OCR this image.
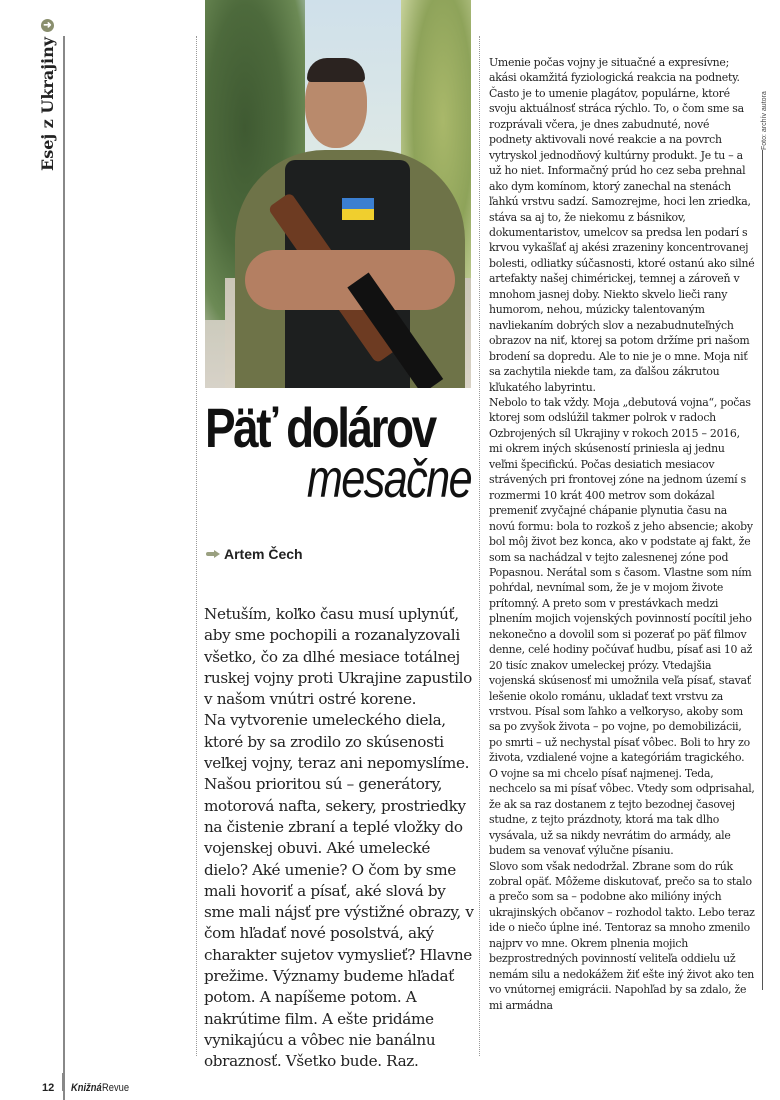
Esej z Ukrajiny
➜
Päť dolárov
mesačne
Artem Čech

Netuším, koľko času musí uplynúť, aby sme pochopili a rozanalyzovali všetko, čo za dlhé mesiace totálnej ruskej vojny proti Ukrajine zapustilo v našom vnútri ostré korene.

Na vytvorenie umeleckého diela, ktoré by sa zrodilo zo skúsenosti veľkej vojny, teraz ani nepomyslíme. Našou prioritou sú – generátory, motorová nafta, sekery, prostriedky na čistenie zbraní a teplé vložky do vojenskej obuvi. Aké umelecké dielo? Aké umenie? O čom by sme mali hovoriť a písať, aké slová by sme mali nájsť pre výstižné obrazy, v čom hľadať nové posolstvá, aký charakter sujetov vymyslieť? Hlavne prežime. Významy budeme hľadať potom. A napíšeme potom. A nakrútime film. A ešte pridáme vynikajúcu a vôbec nie banálnu obraznosť. Všetko bude. Raz.

Umenie počas vojny je situačné a expresívne; akási okamžitá fyziologická reakcia na podnety. Často je to umenie plagátov, populárne, ktoré svoju aktuálnosť stráca rýchlo. To, o čom sme sa rozprávali včera, je dnes zabudnuté, nové podnety aktivovali nové reakcie a na povrch vytryskol jednodňový kultúrny produkt. Je tu – a už ho niet. Informačný prúd ho cez seba prehnal ako dym komínom, ktorý zanechal na stenách ľahkú vrstvu sadzí. Samozrejme, hoci len zriedka, stáva sa aj to, že niekomu z básnikov, dokumentaristov, umelcov sa predsa len podarí s krvou vykašľať aj akési zrazeniny koncentrovanej bolesti, odliatky súčasnosti, ktoré ostanú ako silné artefakty našej chimérickej, temnej a zároveň v mnohom jasnej doby. Niekto skvelo lieči rany humorom, nehou, múzicky talentovaným navliekaním dobrých slov a nezabudnuteľných obrazov na niť, ktorej sa potom držíme pri našom brodení sa dopredu. Ale to nie je o mne. Moja niť sa zachytila niekde tam, za ďalšou zákrutou kľukatého labyrintu.

Nebolo to tak vždy. Moja „debutová vojna“, počas ktorej som odslúžil takmer polrok v radoch Ozbrojených síl Ukrajiny v rokoch 2015 – 2016, mi okrem iných skúseností priniesla aj jednu veľmi špecifickú. Počas desiatich mesiacov strávených pri frontovej zóne na jednom území s rozmermi 10 krát 400 metrov som dokázal premeniť zvyčajné chápanie plynutia času na novú formu: bola to rozkoš z jeho absencie; akoby bol môj život bez konca, ako v podstate aj fakt, že som sa nachádzal v tejto zalesnenej zóne pod Popasnou. Nerátal som s časom. Vlastne som ním pohŕdal, nevnímal som, že je v mojom živote prítomný. A preto som v prestávkach medzi plnením mojich vojenských povinností pocítil jeho nekonečno a dovolil som si pozerať po päť filmov denne, celé hodiny počúvať hudbu, písať asi 10 až 20 tisíc znakov umeleckej prózy. Vtedajšia vojenská skúsenosť mi umožnila veľa písať, stavať lešenie okolo románu, ukladať text vrstvu za vrstvou. Písal som ľahko a veľkoryso, akoby som sa po zvyšok života – po vojne, po demobilizácii, po smrti – už nechystal písať vôbec. Boli to hry zo života, vzdialené vojne a kategóriám tragického. O vojne sa mi chcelo písať najmenej. Teda, nechcelo sa mi písať vôbec. Vtedy som odprisahal, že ak sa raz dostanem z tejto bezodnej časovej studne, z tejto prázdnoty, ktorá ma tak dlho vysávala, už sa nikdy nevrátim do armády, ale budem sa venovať výlučne písaniu.

Slovo som však nedodržal. Zbrane som do rúk zobral opäť. Môžeme diskutovať, prečo sa to stalo a prečo som sa – podobne ako milióny iných ukrajinských občanov – rozhodol takto. Lebo teraz ide o niečo úplne iné. Tentoraz sa mnoho zmenilo najprv vo mne. Okrem plnenia mojich bezprostredných povinností veliteľa oddielu už nemám silu a nedokážem žiť ešte iný život ako ten vo vnútornej emigrácii. Napohľad by sa zdalo, že mi armádna

Foto: archív autora
12 Knižná Revue
